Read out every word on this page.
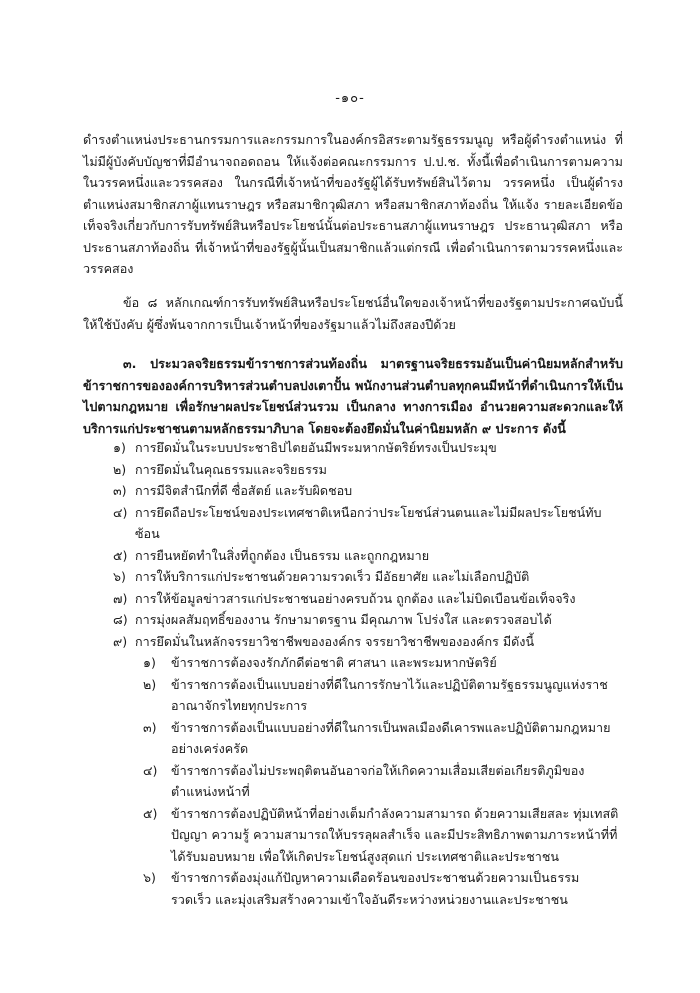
-๑๐-
ดำรงตำแหน่งประธานกรรมการและกรรมการในองค์กรอิสระตามรัฐธรรมนูญ หรือผู้ดำรงตำแหน่ง ที่ไม่มีผู้บังคับบัญชาที่มีอำนาจถอดถอน ให้แจ้งต่อคณะกรรมการ ป.ป.ช. ทั้งนี้เพื่อดำเนินการตามความในวรรคหนึ่งและวรรคสอง ในกรณีที่เจ้าหน้าที่ของรัฐผู้ได้รับทรัพย์สินไว้ตาม วรรคหนึ่ง เป็นผู้ดำรงตำแหน่งสมาชิกสภาผู้แทนราษฎร หรือสมาชิกวุฒิสภา หรือสมาชิกสภาท้องถิ่น ให้แจ้ง รายละเอียดข้อเท็จจริงเกี่ยวกับการรับทรัพย์สินหรือประโยชน์นั้นต่อประธานสภาผู้แทนราษฎร ประธานวุฒิสภา หรือประธานสภาท้องถิ่น ที่เจ้าหน้าที่ของรัฐผู้นั้นเป็นสมาชิกแล้วแต่กรณี เพื่อดำเนินการตามวรรคหนึ่งและวรรคสอง
ข้อ ๘ หลักเกณฑ์การรับทรัพย์สินหรือประโยชน์อื่นใดของเจ้าหน้าที่ของรัฐตามประกาศฉบับนี้ให้ใช้บังคับ ผู้ซึ่งพ้นจากการเป็นเจ้าหน้าที่ของรัฐมาแล้วไม่ถึงสองปีด้วย
๓. ประมวลจริยธรรมข้าราชการส่วนท้องถิ่น มาตรฐานจริยธรรมอันเป็นค่านิยมหลักสำหรับข้าราชการขององค์การบริหารส่วนตำบลปงเตาปั้น พนักงานส่วนตำบลทุกคนมีหน้าที่ดำเนินการให้เป็นไปตามกฎหมาย เพื่อรักษาผลประโยชน์ส่วนรวม เป็นกลาง ทางการเมือง อำนวยความสะดวกและให้บริการแก่ประชาชนตามหลักธรรมาภิบาล โดยจะต้องยึดมั่นในค่านิยมหลัก ๙ ประการ ดังนี้
๑) การยึดมั่นในระบบประชาธิปไตยอันมีพระมหากษัตริย์ทรงเป็นประมุข
๒) การยึดมั่นในคุณธรรมและจริยธรรม
๓) การมีจิตสำนึกที่ดี ซื่อสัตย์ และรับผิดชอบ
๔) การยึดถือประโยชน์ของประเทศชาติเหนือกว่าประโยชน์ส่วนตนและไม่มีผลประโยชน์ทับซ้อน
๕) การยืนหยัดทำในสิ่งที่ถูกต้อง เป็นธรรม และถูกกฎหมาย
๖) การให้บริการแก่ประชาชนด้วยความรวดเร็ว มีอัธยาศัย และไม่เลือกปฏิบัติ
๗) การให้ข้อมูลข่าวสารแก่ประชาชนอย่างครบถ้วน ถูกต้อง และไม่บิดเบือนข้อเท็จจริง
๘) การมุ่งผลสัมฤทธิ์ของงาน รักษามาตรฐาน มีคุณภาพ โปร่งใส และตรวจสอบได้
๙) การยึดมั่นในหลักจรรยาวิชาชีพขององค์กร จรรยาวิชาชีพขององค์กร มีดังนี้
๑)	ข้าราชการต้องจงรักภักดีต่อชาติ ศาสนา และพระมหากษัตริย์
๒)	ข้าราชการต้องเป็นแบบอย่างที่ดีในการรักษาไว้และปฏิบัติตามรัฐธรรมนูญแห่งราชอาณาจักรไทยทุกประการ
๓)	ข้าราชการต้องเป็นแบบอย่างที่ดีในการเป็นพลเมืองดีเคารพและปฏิบัติตามกฎหมายอย่างเคร่งครัด
๔)	ข้าราชการต้องไม่ประพฤติตนอันอาจก่อให้เกิดความเสื่อมเสียต่อเกียรติภูมิของตำแหน่งหน้าที่
๕)	ข้าราชการต้องปฏิบัติหน้าที่อย่างเต็มกำลังความสามารถ ด้วยความเสียสละ ทุ่มเทสติปัญญา ความรู้ ความสามารถให้บรรลุผลสำเร็จ และมีประสิทธิภาพตามภาระหน้าที่ที่ได้รับมอบหมาย เพื่อให้เกิดประโยชน์สูงสุดแก่ ประเทศชาติและประชาชน
๖)	ข้าราชการต้องมุ่งแก้ปัญหาความเดือดร้อนของประชาชนด้วยความเป็นธรรม รวดเร็ว และมุ่งเสริมสร้างความเข้าใจอันดีระหว่างหน่วยงานและประชาชน
